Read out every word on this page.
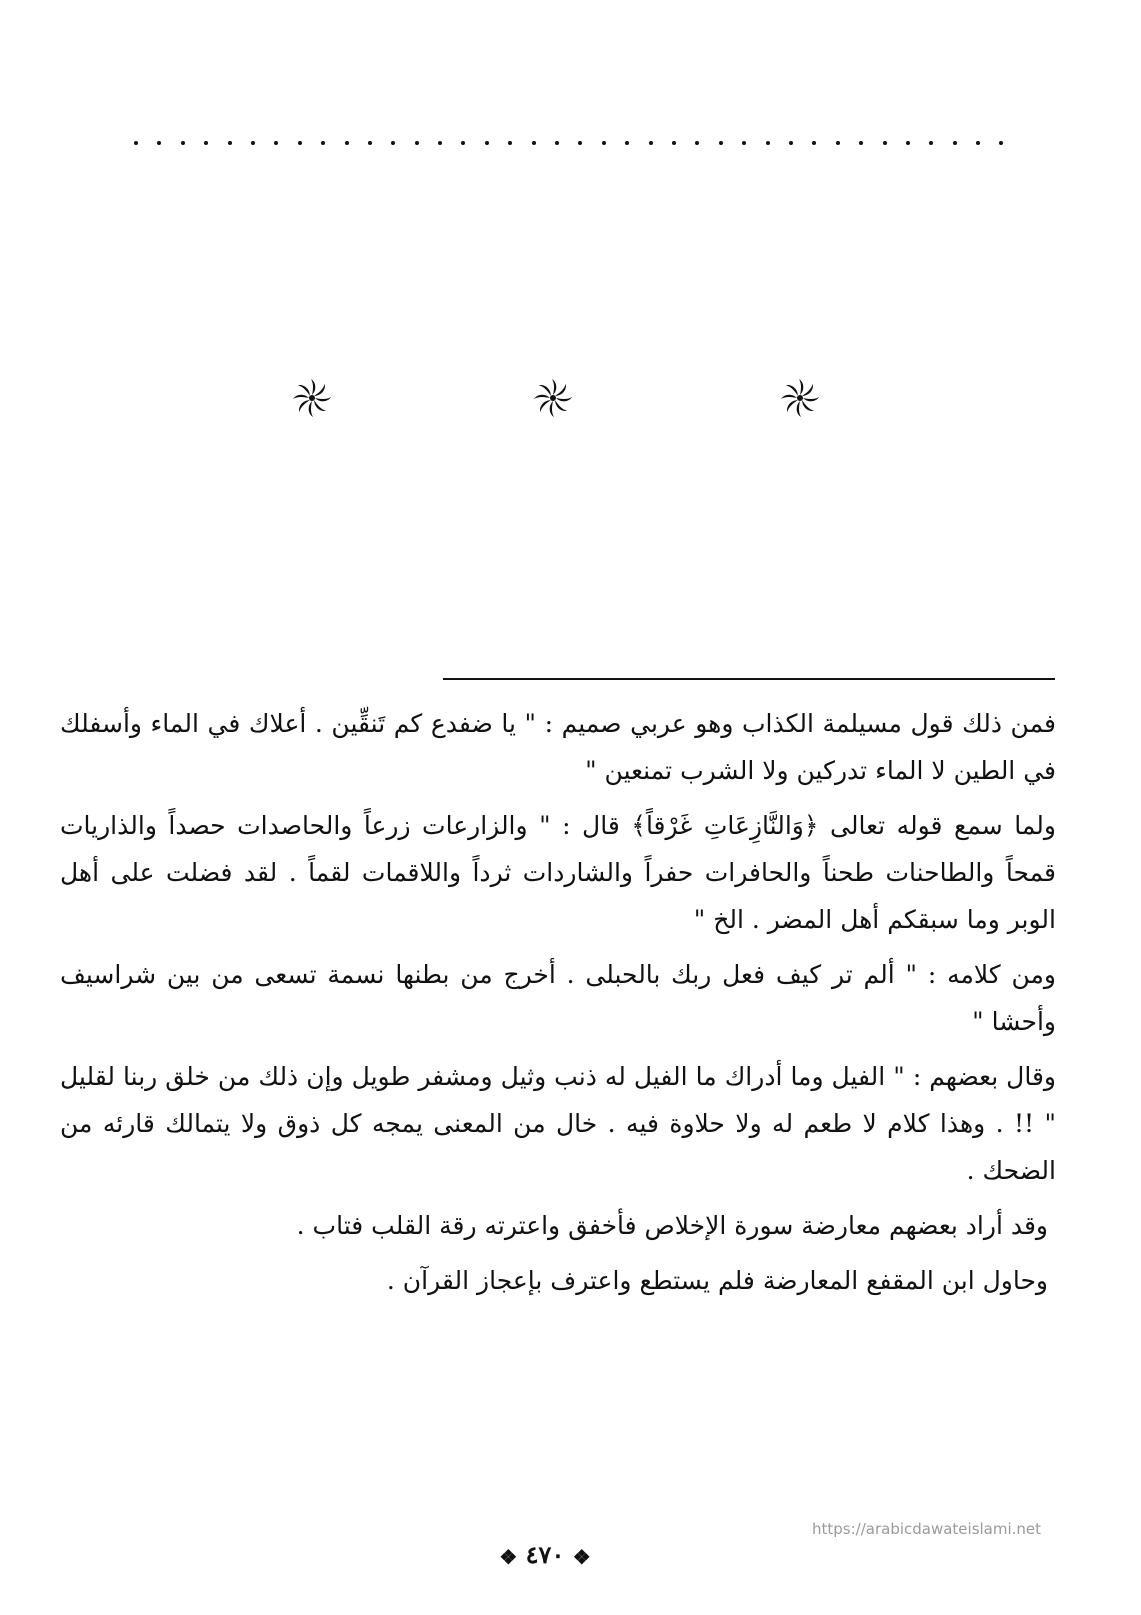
فمن ذلك قول مسيلمة الكذاب وهو عربي صميم : " يا ضفدع كم تَنقِّين . أعلاك في الماء وأسفلك في الطين لا الماء تدركين ولا الشرب تمنعين "

ولما سمع قوله تعالى ﴿وَالنَّازِعَاتِ غَرْقاً﴾ قال : " والزارعات زرعاً والحاصدات حصداً والذاريات قمحاً والطاحنات طحناً والحافرات حفراً والشاردات ثرداً واللاقمات لقماً . لقد فضلت على أهل الوبر وما سبقكم أهل المضر . الخ "

ومن كلامه : " ألم تر كيف فعل ربك بالحبلى . أخرج من بطنها نسمة تسعى من بين شراسيف وأحشا "

وقال بعضهم : " الفيل وما أدراك ما الفيل له ذنب وثيل ومشفر طويل وإن ذلك من خلق ربنا لقليل " !! . وهذا كلام لا طعم له ولا حلاوة فيه . خال من المعنى يمجه كل ذوق ولا يتمالك قارئه من الضحك .

وقد أراد بعضهم معارضة سورة الإخلاص فأخفق واعترته رقة القلب فتاب .

وحاول ابن المقفع المعارضة فلم يستطع واعترف بإعجاز القرآن .

https://arabicdawateislami.net
❖ ٤٧٠ ❖
